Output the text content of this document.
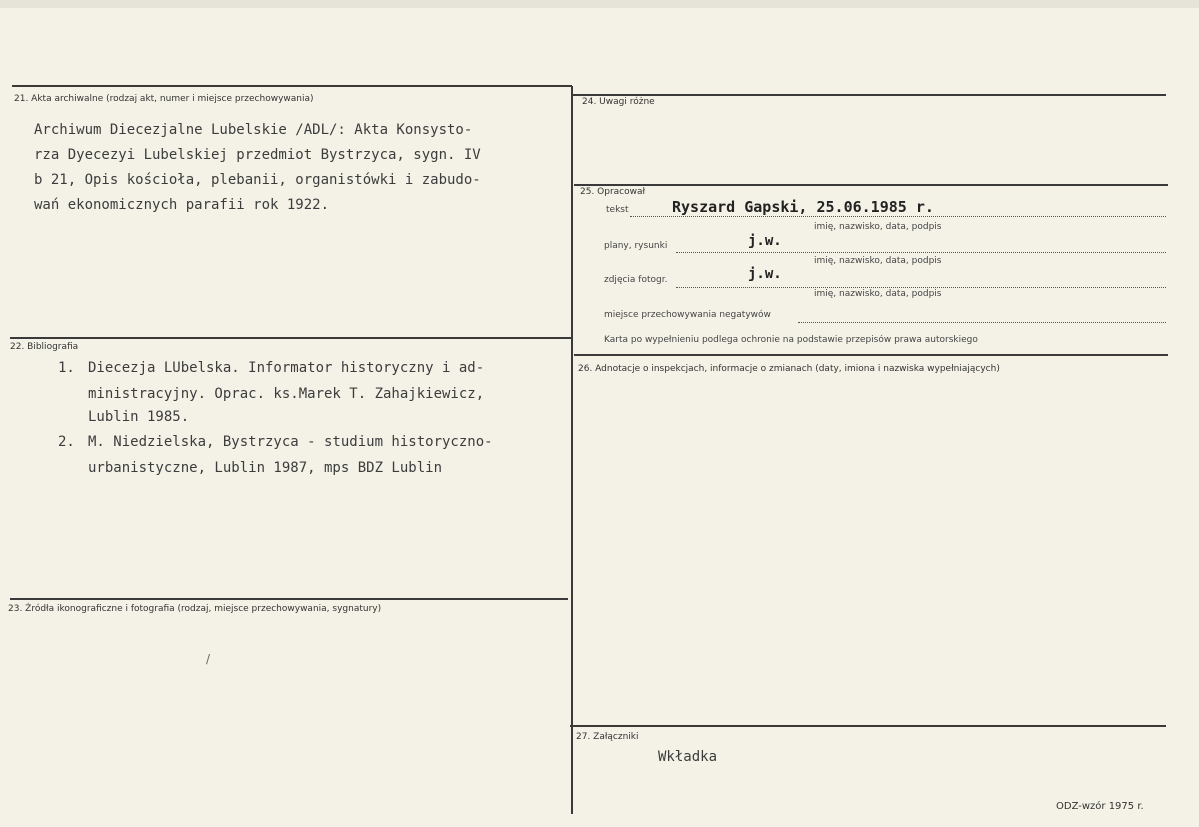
21. Akta archiwalne (rodzaj akt, numer i miejsce przechowywania)
Archiwum Diecezjalne Lubelskie /ADL/: Akta Konsysto-
rza Dyecezyi Lubelskiej przedmiot Bystrzyca, sygn. IV
b 21, Opis kościoła, plebanii, organistówki i zabudo-
wań ekonomicznych parafii rok 1922.
22. Bibliografia
1. Diecezja LUbelska. Informator historyczny i ad-
ministracyjny. Oprac. ks.Marek T. Zahajkiewicz,
Lublin 1985.
2. M. Niedzielska, Bystrzyca - studium historyczno-
urbanistyczne, Lublin 1987, mps BDZ Lublin
23. Źródła ikonograficzne i fotografia (rodzaj, miejsce przechowywania, sygnatury)
/
24. Uwagi różne
25. Opracował
tekst	Ryszard Gapski, 25.06.1985 r.
imię, nazwisko, data, podpis
plany, rysunki	j.w.
imię, nazwisko, data, podpis
zdjęcia fotogr.	j.w.
imię, nazwisko, data, podpis
miejsce przechowywania negatywów
Karta po wypełnieniu podlega ochronie na podstawie przepisów prawa autorskiego
26. Adnotacje o inspekcjach, informacje o zmianach (daty, imiona i nazwiska wypełniających)
27. Załączniki
Wkładka
ODZ-wzór 1975 r.
